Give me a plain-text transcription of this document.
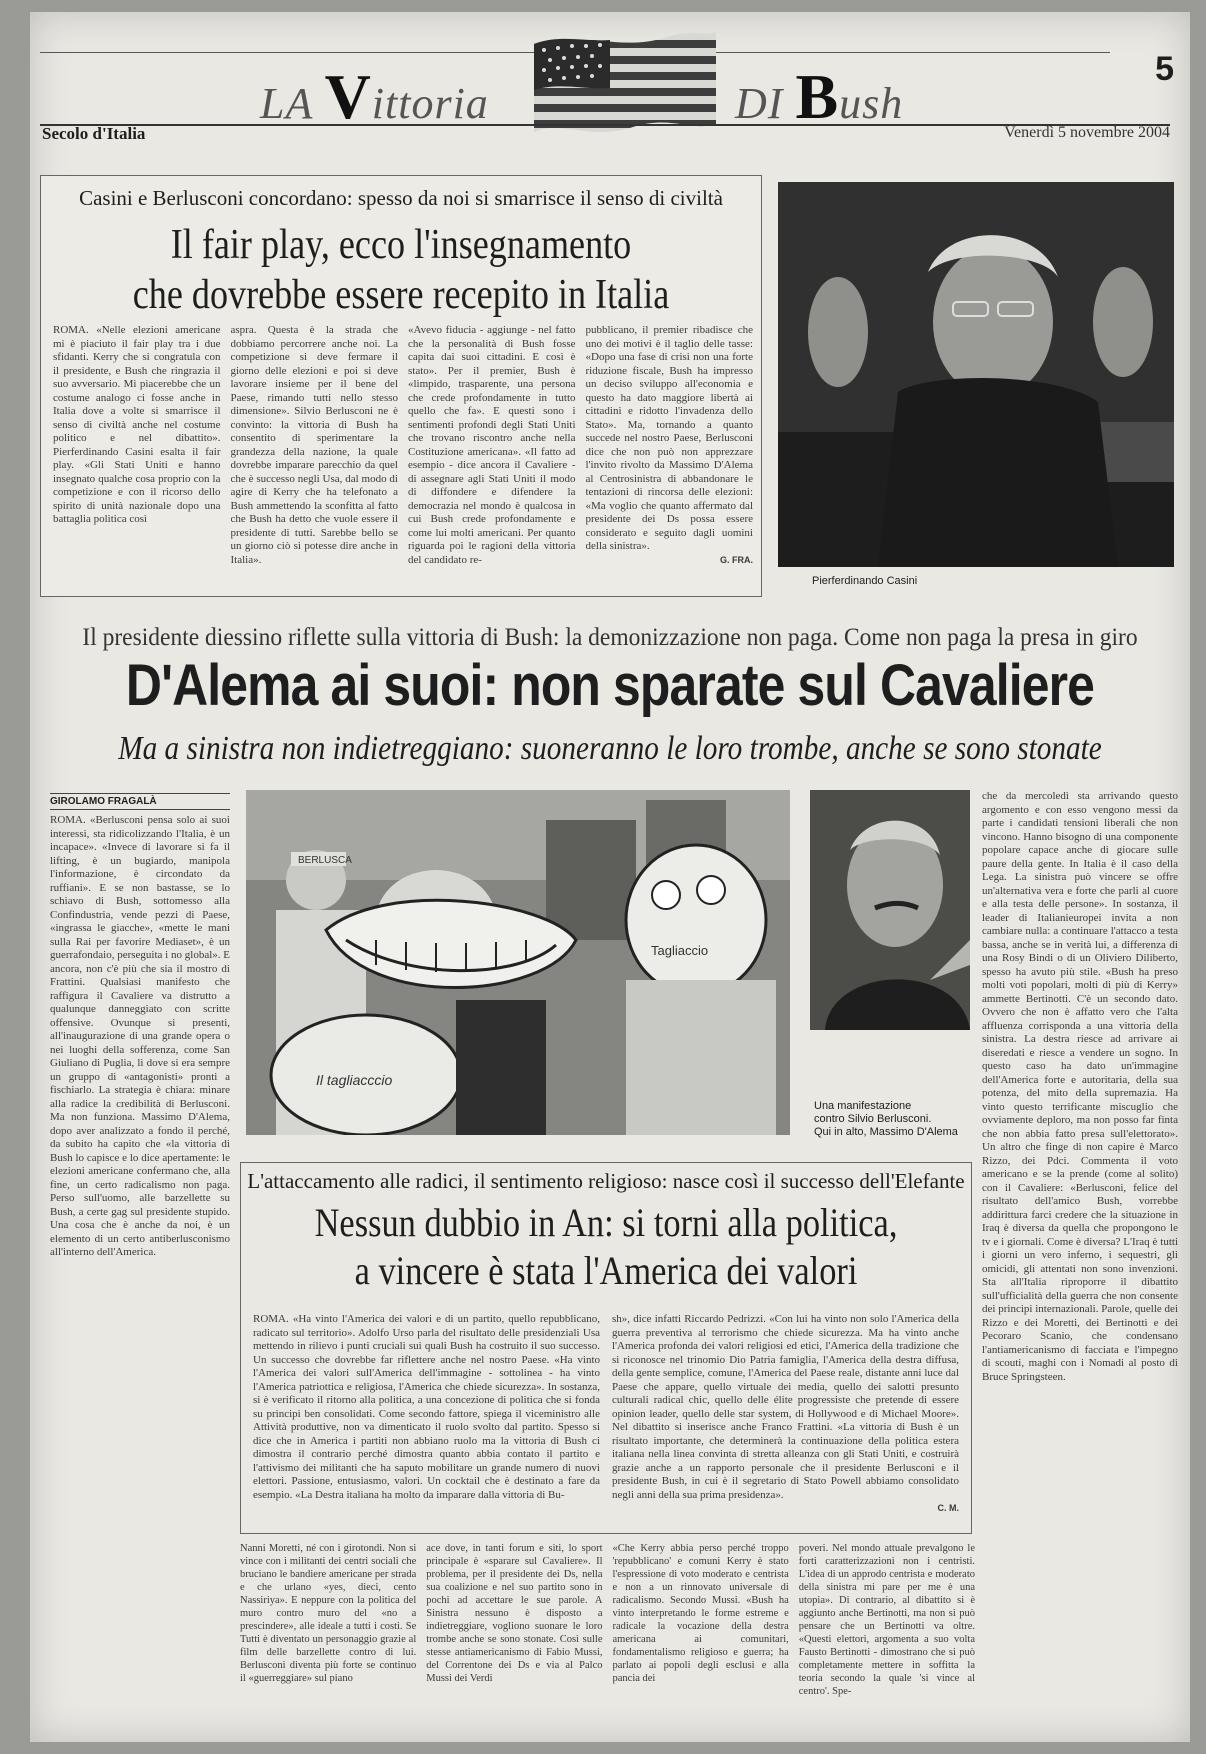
LA Vittoria	DI Bush
5
Secolo d'Italia	Venerdì 5 novembre 2004
Casini e Berlusconi concordano: spesso da noi si smarrisce il senso di civiltà
Il fair play, ecco l'insegnamento
che dovrebbe essere recepito in Italia
ROMA. «Nelle elezioni americane mi è piaciuto il fair play tra i due sfidanti. Kerry che si congratula con il presidente, e Bush che ringrazia il suo avversario. Mi piacerebbe che un costume analogo ci fosse anche in Italia dove a volte si smarrisce il senso di civiltà anche nel costume politico e nel dibattito». Pierferdinando Casini esalta il fair play. «Gli Stati Uniti e hanno insegnato qualche cosa proprio con la competizione e con il ricorso dello spirito di unità nazionale dopo una battaglia politica così
aspra. Questa è la strada che dobbiamo percorrere anche noi. La competizione si deve fermare il giorno delle elezioni e poi si deve lavorare insieme per il bene del Paese, rimando tutti nello stesso dimensione». Silvio Berlusconi ne è convinto: la vittoria di Bush ha consentito di sperimentare la grandezza della nazione, la quale dovrebbe imparare parecchio da quel che è successo negli Usa, dal modo di agire di Kerry che ha telefonato a Bush ammettendo la sconfitta al fatto che Bush ha detto che vuole essere il presidente di tutti. Sarebbe bello se un giorno ciò si potesse dire anche in Italia».
«Avevo fiducia - aggiunge - nel fatto che la personalità di Bush fosse capita dai suoi cittadini. E così è stato». Per il premier, Bush è «limpido, trasparente, una persona che crede profondamente in tutto quello che fa». E questi sono i sentimenti profondi degli Stati Uniti che trovano riscontro anche nella Costituzione americana». «Il fatto ad esempio - dice ancora il Cavaliere - di assegnare agli Stati Uniti il modo di diffondere e difendere la democrazia nel mondo è qualcosa in cui Bush crede profondamente e come lui molti americani. Per quanto riguarda poi le ragioni della vittoria del candidato re-
pubblicano, il premier ribadisce che uno dei motivi è il taglio delle tasse: «Dopo una fase di crisi non una forte riduzione fiscale, Bush ha impresso un deciso sviluppo all'economia e questo ha dato maggiore libertà ai cittadini e ridotto l'invadenza dello Stato». Ma, tornando a quanto succede nel nostro Paese, Berlusconi dice che non può non apprezzare l'invito rivolto da Massimo D'Alema al Centrosinistra di abbandonare le tentazioni di rincorsa delle elezioni: «Ma voglio che quanto affermato dal presidente dei Ds possa essere considerato e seguito dagli uomini della sinistra».
G. FRA.
Pierferdinando Casini
Il presidente diessino riflette sulla vittoria di Bush: la demonizzazione non paga. Come non paga la presa in giro
D'Alema ai suoi: non sparate sul Cavaliere
Ma a sinistra non indietreggiano: suoneranno le loro trombe, anche se sono stonate
GIROLAMO FRAGALÀ
ROMA. «Berlusconi pensa solo ai suoi interessi, sta ridicolizzando l'Italia, è un incapace». «Invece di lavorare si fa il lifting, è un bugiardo, manipola l'informazione, è circondato da ruffiani». E se non bastasse, se lo schiavo di Bush, sottomesso alla Confindustria, vende pezzi di Paese, «ingrassa le giacche», «mette le mani sulla Rai per favorire Mediaset», è un guerrafondaio, perseguita i no global». E ancora, non c'è più che sia il mostro di Frattini. Qualsiasi manifesto che raffigura il Cavaliere va distrutto a qualunque danneggiato con scritte offensive. Ovunque si presenti, all'inaugurazione di una grande opera o nei luoghi della sofferenza, come San Giuliano di Puglia, lì dove si era sempre un gruppo di «antagonisti» pronti a fischiarlo. La strategia è chiara: minare alla radice la credibilità di Berlusconi. Ma non funziona. Massimo D'Alema, dopo aver analizzato a fondo il perché, da subito ha capito che «la vittoria di Bush lo capisce e lo dice apertamente: le elezioni americane confermano che, alla fine, un certo radicalismo non paga. Perso sull'uomo, alle barzellette su Bush, a certe gag sul presidente stupido. Una cosa che è anche da noi, è un elemento di un certo antiberlusconismo all'interno dell'America.
BERLUSCA
Il tagliacccio
Tagliaccio
Una manifestazione
contro Silvio Berlusconi.
Qui in alto, Massimo D'Alema
che da mercoledì sta arrivando questo argomento e con esso vengono messi da parte i candidati tensioni liberali che non vincono. Hanno bisogno di una componente popolare capace anche di giocare sulle paure della gente. In Italia è il caso della Lega. La sinistra può vincere se offre un'alternativa vera e forte che parli al cuore e alla testa delle persone». In sostanza, il leader di Italianieuropei invita a non cambiare nulla: a continuare l'attacco a testa bassa, anche se in verità lui, a differenza di una Rosy Bindi o di un Oliviero Diliberto, spesso ha avuto più stile. «Bush ha preso molti voti popolari, molti di più di Kerry» ammette Bertinotti. C'è un secondo dato. Ovvero che non è affatto vero che l'alta affluenza corrisponda a una vittoria della sinistra. La destra riesce ad arrivare ai diseredati e riesce a vendere un sogno. In questo caso ha dato un'immagine dell'America forte e autoritaria, della sua potenza, del mito della supremazia. Ha vinto questo terrificante miscuglio che ovviamente deploro, ma non posso far finta che non abbia fatto presa sull'elettorato». Un altro che finge di non capire è Marco Rizzo, dei Pdci. Commenta il voto americano e se la prende (come al solito) con il Cavaliere: «Berlusconi, felice del risultato dell'amico Bush, vorrebbe addirittura farci credere che la situazione in Iraq è diversa da quella che propongono le tv e i giornali. Come è diversa? L'Iraq è tutti i giorni un vero inferno, i sequestri, gli omicidi, gli attentati non sono invenzioni. Sta all'Italia riproporre il dibattito sull'ufficialità della guerra che non consente dei principi internazionali. Parole, quelle dei Rizzo e dei Moretti, dei Bertinotti e dei Pecoraro Scanio, che condensano l'antiamericanismo di facciata e l'impegno di scouti, maghi con i Nomadi al posto di Bruce Springsteen.
L'attaccamento alle radici, il sentimento religioso: nasce così il successo dell'Elefante
Nessun dubbio in An: si torni alla politica,
a vincere è stata l'America dei valori
ROMA. «Ha vinto l'America dei valori e di un partito, quello repubblicano, radicato sul territorio». Adolfo Urso parla del risultato delle presidenziali Usa mettendo in rilievo i punti cruciali sui quali Bush ha costruito il suo successo. Un successo che dovrebbe far riflettere anche nel nostro Paese. «Ha vinto l'America dei valori sull'America dell'immagine - sottolinea - ha vinto l'America patriottica e religiosa, l'America che chiede sicurezza». In sostanza, si è verificato il ritorno alla politica, a una concezione di politica che si fonda su principi ben consolidati. Come secondo fattore, spiega il viceministro alle Attività produttive, non va dimenticato il ruolo svolto dal partito. Spesso si dice che in America i partiti non abbiano ruolo ma la vittoria di Bush ci dimostra il contrario perché dimostra quanto abbia contato il partito e l'attivismo dei militanti che ha saputo mobilitare un grande numero di nuovi elettori. Passione, entusiasmo, valori. Un cocktail che è destinato a fare da esempio. «La Destra italiana ha molto da imparare dalla vittoria di Bu-
sh», dice infatti Riccardo Pedrizzi. «Con lui ha vinto non solo l'America della guerra preventiva al terrorismo che chiede sicurezza. Ma ha vinto anche l'America profonda dei valori religiosi ed etici, l'America della tradizione che si riconosce nel trinomio Dio Patria famiglia, l'America della destra diffusa, della gente semplice, comune, l'America del Paese reale, distante anni luce dal Paese che appare, quello virtuale dei media, quello dei salotti presunto culturali radical chic, quello delle élite progressiste che pretende di essere opinion leader, quello delle star system, di Hollywood e di Michael Moore». Nel dibattito si inserisce anche Franco Frattini. «La vittoria di Bush è un risultato importante, che determinerà la continuazione della politica estera italiana nella linea convinta di stretta alleanza con gli Stati Uniti, e costruirà grazie anche a un rapporto personale che il presidente Berlusconi e il presidente Bush, in cui è il segretario di Stato Powell abbiamo consolidato negli anni della sua prima presidenza».
C. M.
Nanni Moretti, né con i girotondi. Non si vince con i militanti dei centri sociali che bruciano le bandiere americane per strada e che urlano «yes, dieci, cento Nassiriya». E neppure con la politica del muro contro muro del «no a prescindere», alle ideale a tutti i costi. Se Tutti è diventato un personaggio grazie al film delle barzellette contro di lui. Berlusconi diventa più forte se continuo il «guerreggiare» sul piano
ace dove, in tanti forum e siti, lo sport principale è «sparare sul Cavaliere». Il problema, per il presidente dei Ds, nella sua coalizione e nel suo partito sono in pochi ad accettare le sue parole. A Sinistra nessuno è disposto a indietreggiare, vogliono suonare le loro trombe anche se sono stonate. Così sulle stesse antiamericanismo di Fabio Mussi, del Correntone dei Ds e via al Palco Mussi dei Verdi
«Che Kerry abbia perso perché troppo 'repubblicano' e comuni Kerry è stato l'espressione di voto moderato e centrista e non a un rinnovato universale di radicalismo. Secondo Mussi. «Bush ha vinto interpretando le forme estreme e radicale la vocazione della destra americana ai comunitari, fondamentalismo religioso e guerra; ha parlato ai popoli degli esclusi e alla pancia dei
poveri. Nel mondo attuale prevalgono le forti caratterizzazioni non i centristi. L'idea di un approdo centrista e moderato della sinistra mi pare per me è una utopia». Di contrario, al dibattito si è aggiunto anche Bertinotti, ma non si può pensare che un Bertinotti va oltre. «Questi elettori, argomenta a suo volta Fausto Bertinotti - dimostrano che si può completamente mettere in soffitta la teoria secondo la quale 'si vince al centro'. Spe-
